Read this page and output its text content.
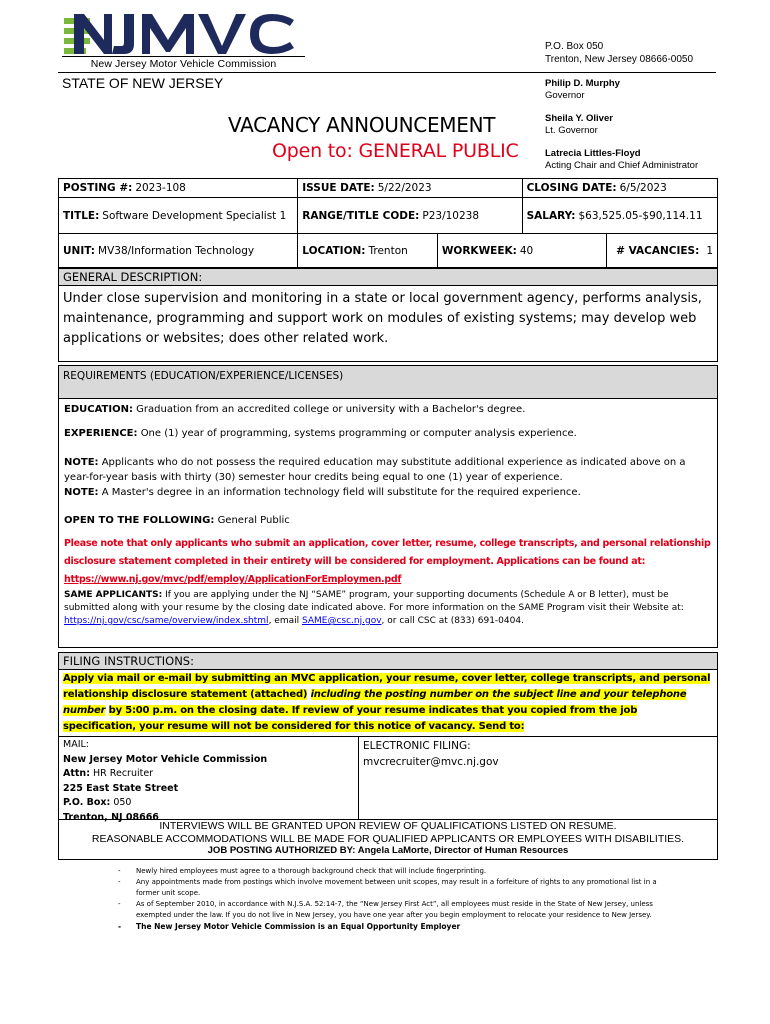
New Jersey Motor Vehicle Commission
P.O. Box 050
Trenton, New Jersey 08666-0050
STATE OF NEW JERSEY	Philip D. Murphy
Governor
Sheila Y. Oliver
Lt. Governor
Latrecia Littles-Floyd
Acting Chair and Chief Administrator
VACANCY ANNOUNCEMENT
Open to: GENERAL PUBLIC
POSTING #: 2023-108	ISSUE DATE: 5/22/2023	CLOSING DATE: 6/5/2023
TITLE: Software Development Specialist 1 RANGE/TITLE CODE: P23/10238	SALARY: $63,525.05-$90,114.11
UNIT: MV38/Information Technology	LOCATION: Trenton	WORKWEEK: 40	# VACANCIES: 1
GENERAL DESCRIPTION:
Under close supervision and monitoring in a state or local government agency, performs analysis, maintenance, programming and support work on modules of existing systems; may develop web applications or websites; does other related work.
REQUIREMENTS (EDUCATION/EXPERIENCE/LICENSES)
EDUCATION: Graduation from an accredited college or university with a Bachelor's degree.
EXPERIENCE: One (1) year of programming, systems programming or computer analysis experience.
NOTE: Applicants who do not possess the required education may substitute additional experience as indicated above on a year-for-year basis with thirty (30) semester hour credits being equal to one (1) year of experience.
NOTE: A Master's degree in an information technology field will substitute for the required experience.
OPEN TO THE FOLLOWING: General Public
Please note that only applicants who submit an application, cover letter, resume, college transcripts, and personal relationship disclosure statement completed in their entirety will be considered for employment. Applications can be found at:
https://www.nj.gov/mvc/pdf/employ/ApplicationForEmploymen.pdf
SAME APPLICANTS: If you are applying under the NJ “SAME” program, your supporting documents (Schedule A or B letter), must be submitted along with your resume by the closing date indicated above. For more information on the SAME Program visit their Website at: https://nj.gov/csc/same/overview/index.shtml, email SAME@csc.nj.gov, or call CSC at (833) 691-0404.
FILING INSTRUCTIONS:
Apply via mail or e-mail by submitting an MVC application, your resume, cover letter, college transcripts, and personal relationship disclosure statement (attached) including the posting number on the subject line and your telephone number by 5:00 p.m. on the closing date. If review of your resume indicates that you copied from the job specification, your resume will not be considered for this notice of vacancy. Send to:
MAIL:
New Jersey Motor Vehicle Commission
Attn: HR Recruiter
225 East State Street
P.O. Box: 050
Trenton, NJ 08666
ELECTRONIC FILING:
mvcrecruiter@mvc.nj.gov
INTERVIEWS WILL BE GRANTED UPON REVIEW OF QUALIFICATIONS LISTED ON RESUME.
REASONABLE ACCOMMODATIONS WILL BE MADE FOR QUALIFIED APPLICANTS OR EMPLOYEES WITH DISABILITIES.
JOB POSTING AUTHORIZED BY: Angela LaMorte, Director of Human Resources
- Newly hired employees must agree to a thorough background check that will include fingerprinting.
- Any appointments made from postings which involve movement between unit scopes, may result in a forfeiture of rights to any promotional list in a former unit scope.
- As of September 2010, in accordance with N.J.S.A. 52:14-7, the “New Jersey First Act”, all employees must reside in the State of New Jersey, unless exempted under the law. If you do not live in New Jersey, you have one year after you begin employment to relocate your residence to New Jersey.
- The New Jersey Motor Vehicle Commission is an Equal Opportunity Employer
